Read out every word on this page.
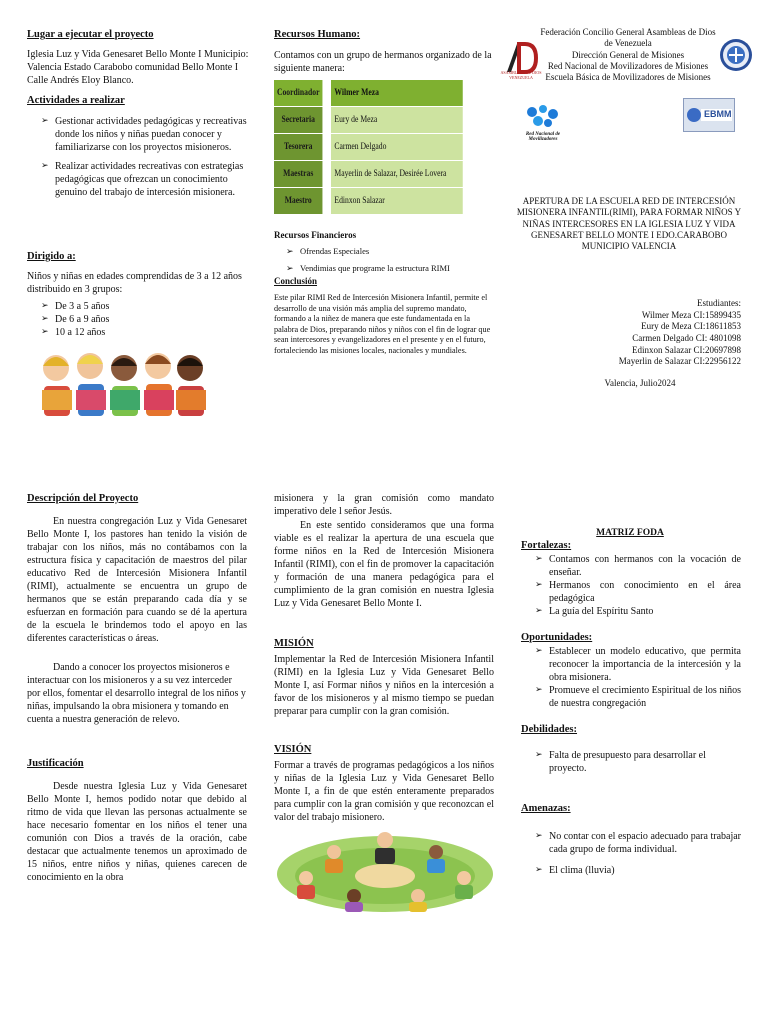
Lugar a ejecutar el proyecto

Iglesia Luz y Vida Genesaret Bello Monte I Municipio: Valencia Estado Carabobo comunidad Bello Monte I Calle Andrés Eloy Blanco.

Actividades a realizar

➢ Gestionar actividades pedagógicas y recreativas donde los niños y niñas puedan conocer y familiarizarse con los proyectos misioneros.
➢ Realizar actividades recreativas con estrategias pedagógicas que ofrezcan un conocimiento genuino del trabajo de intercesión misionera.

Dirigido a:

Niños y niñas en edades comprendidas de 3 a 12 años distribuido en 3 grupos:

➢ De 3 a 5 años
➢ De 6 a 9 años
➢ 10 a 12 años

Recursos Humano:

Contamos con un grupo de hermanos organizado de la siguiente manera:

Coordinador	Wilmer Meza
Secretaria	Eury de Meza
Tesorera	Carmen Delgado
Maestras	Mayerlin de Salazar, Desirée Lovera
Maestro	Edinxon Salazar

Recursos Financieros

➢ Ofrendas Especiales
➢ Vendimias que programe la estructura RIMI

Conclusión

Este pilar RIMI Red de Intercesión Misionera Infantil, permite el desarrollo de una visión más amplia del supremo mandato, formando a la niñez de manera que este fundamentada en la palabra de Dios, preparando niños y niños con el fin de lograr que sean intercesores y evangelizadores en el presente y en el futuro, fortaleciendo las misiones locales, nacionales y mundiales.

ASAMBLEAS DE DIOS VENEZUELA

Federación Concilio General Asambleas de Dios de Venezuela

Dirección General de Misiones

Red Nacional de Movilizadores de Misiones

Escuela Básica de Movilizadores de Misiones

Red Nacional de Movilizadores

EBMM

APERTURA DE LA ESCUELA RED DE INTERCESIÓN MISIONERA INFANTIL(RIMI), PARA FORMAR NIÑOS Y NIÑAS INTERCESORES EN LA IGLESIA LUZ Y VIDA GENESARET BELLO MONTE I EDO.CARABOBO MUNICIPIO VALENCIA

Estudiantes:

Wilmer Meza CI:15899435

Eury de Meza CI:18611853

Carmen Delgado CI: 4801098

Edinxon Salazar CI:20697898

Mayerlin de Salazar CI:22956122

Valencia, Julio2024

Descripción del Proyecto

En nuestra congregación Luz y Vida Genesaret Bello Monte I, los pastores han tenido la visión de trabajar con los niños, más no contábamos con la estructura física y capacitación de maestros del pilar educativo Red de Intercesión Misionera Infantil (RIMI), actualmente se encuentra un grupo de hermanos que se están preparando cada día y se esfuerzan en formación para cuando se dé la apertura de la escuela le brindemos todo el apoyo en las diferentes características o áreas.

Dando a conocer los proyectos misioneros e interactuar con los misioneros y a su vez interceder por ellos, fomentar el desarrollo integral de los niños y niñas, impulsando la obra misionera y tomando en cuenta a nuestra generación de relevo.

Justificación

Desde nuestra Iglesia Luz y Vida Genesaret Bello Monte I, hemos podido notar que debido al ritmo de vida que llevan las personas actualmente se hace necesario fomentar en los niños el tener una comunión con Dios a través de la oración, cabe destacar que actualmente tenemos un aproximado de 15 niños, entre niños y niñas, quienes carecen de conocimiento en la obra

misionera y la gran comisión como mandato imperativo dele l señor Jesús.

En este sentido consideramos que una forma viable es el realizar la apertura de una escuela que forme niños en la Red de Intercesión Misionera Infantil (RIMI), con el fin de promover la capacitación y formación de una manera pedagógica para el cumplimiento de la gran comisión en nuestra Iglesia Luz y Vida Genesaret Bello Monte I.

MISIÓN

Implementar la Red de Intercesión Misionera Infantil (RIMI) en la Iglesia Luz y Vida Genesaret Bello Monte I, así Formar niños y niños en la intercesión a favor de los misioneros y al mismo tiempo se puedan preparar para cumplir con la gran comisión.

VISIÓN

Formar a través de programas pedagógicos a los niños y niñas de la Iglesia Luz y Vida Genesaret Bello Monte I, a fin de que estén enteramente preparados para cumplir con la gran comisión y que reconozcan el valor del trabajo misionero.

MATRIZ FODA

Fortalezas:

➢ Contamos con hermanos con la vocación de enseñar.
➢ Hermanos con conocimiento en el área pedagógica
➢ La guía del Espíritu Santo

Oportunidades:

➢ Establecer un modelo educativo, que permita reconocer la importancia de la intercesión y la obra misionera.
➢ Promueve el crecimiento Espiritual de los niños de nuestra congregación

Debilidades:

➢ Falta de presupuesto para desarrollar el proyecto.

Amenazas:

➢ No contar con el espacio adecuado para trabajar cada grupo de forma individual.
➢ El clima (lluvia)
